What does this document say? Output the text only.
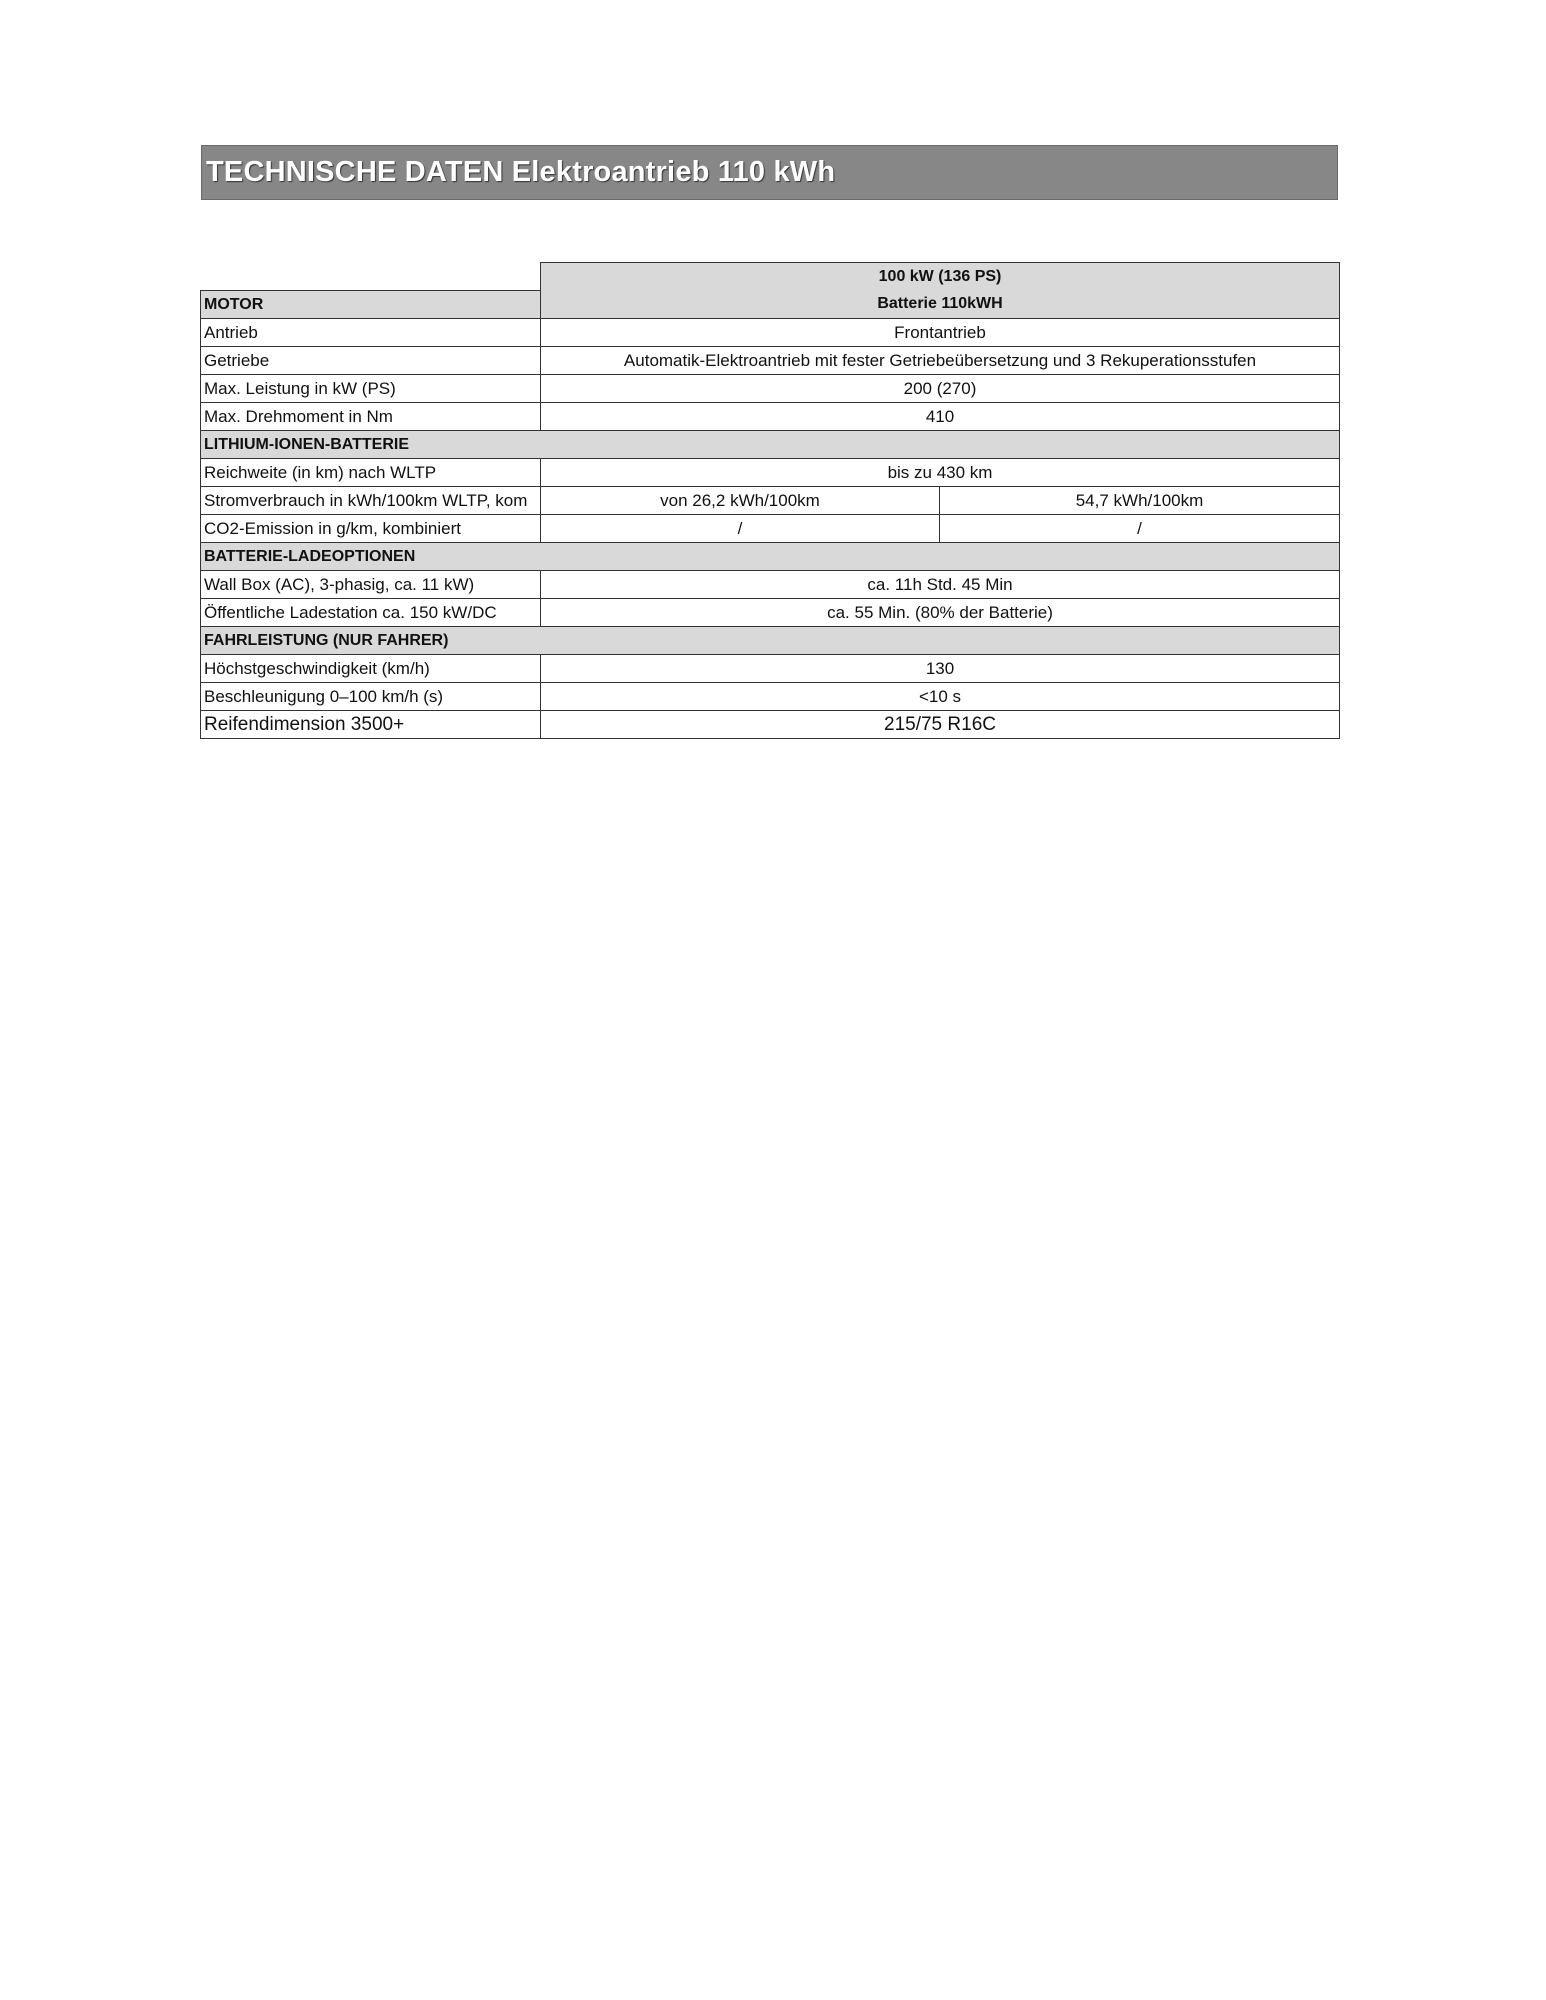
TECHNISCHE DATEN Elektroantrieb 110 kWh
	100 kW (136 PS)	
MOTOR	Batterie 110kWH	
Antrieb	Frontantrieb	
Getriebe	Automatik-Elektroantrieb mit fester Getriebeübersetzung und 3 Rekuperationsstufen	
Max. Leistung in kW (PS)	200 (270)	
Max. Drehmoment in Nm	410	
LITHIUM-IONEN-BATTERIE		
Reichweite (in km) nach WLTP	bis zu 430 km	
Stromverbrauch in kWh/100km WLTP, kom	von 26,2 kWh/100km	54,7 kWh/100km
CO2-Emission in g/km, kombiniert	/	/
BATTERIE-LADEOPTIONEN		
Wall Box (AC), 3-phasig, ca. 11 kW)	ca. 11h Std. 45 Min	
Öffentliche Ladestation ca. 150 kW/DC	ca. 55 Min. (80% der Batterie)	
FAHRLEISTUNG (NUR FAHRER)		
Höchstgeschwindigkeit (km/h)	130	
Beschleunigung 0–100 km/h (s)	<10 s	
Reifendimension 3500+	215/75 R16C	
